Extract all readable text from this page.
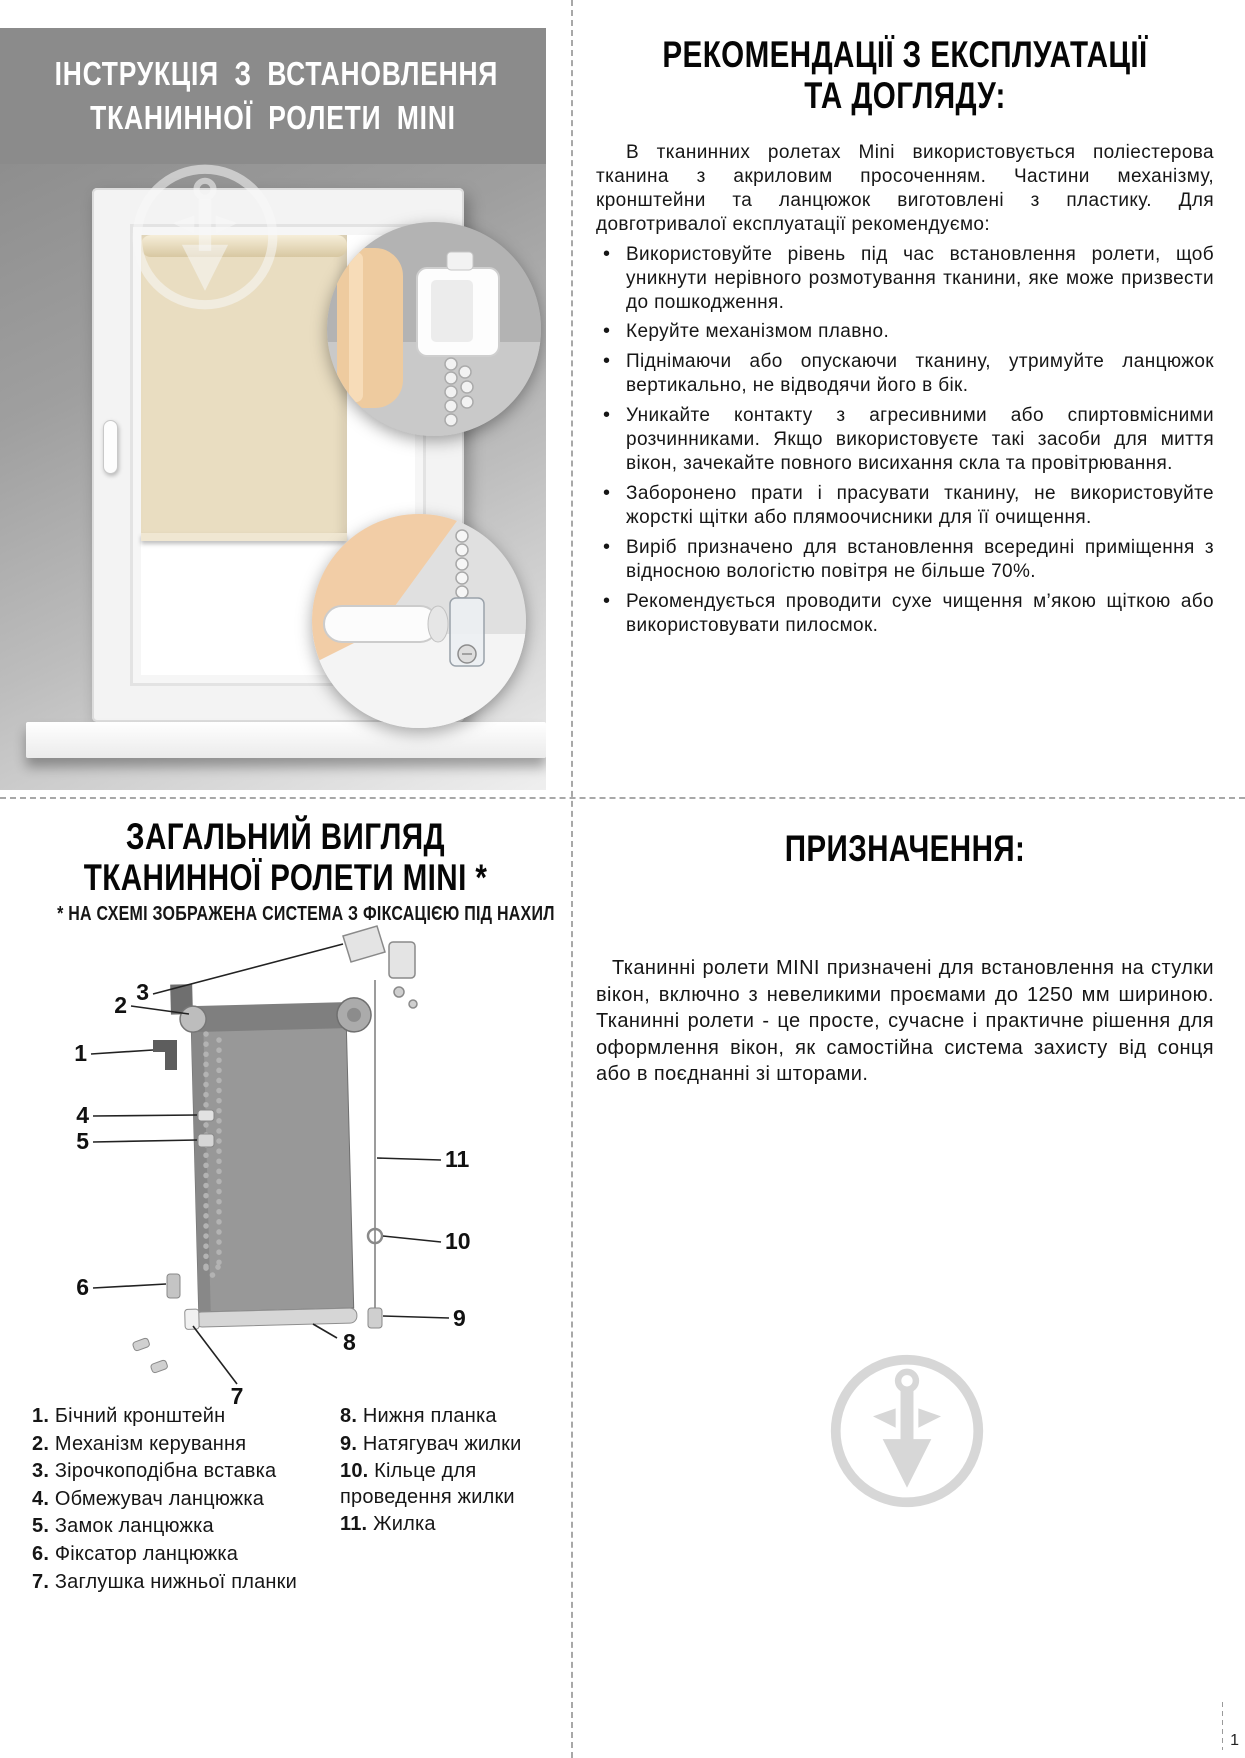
ІНСТРУКЦІЯ З ВСТАНОВЛЕННЯ
ТКАНИННОЇ РОЛЕТИ MINI
РЕКОМЕНДАЦІЇ З ЕКСПЛУАТАЦІЇ
ТА ДОГЛЯДУ:

В тканинних ролетах Mini використовується поліестерова тканина з акриловим просоченням. Частини механізму, кронштейни та ланцюжок виготовлені з пластику. Для довготривалої експлуатації рекомендуємо:

• Використовуйте рівень під час встановлення ролети, щоб уникнути нерівного розмотування тканини, яке може призвести до пошкодження.
• Керуйте механізмом плавно.
• Піднімаючи або опускаючи тканину, утримуйте ланцюжок вертикально, не відводячи його в бік.
• Уникайте контакту з агресивними або спиртовмісними розчинниками. Якщо використовуєте такі засоби для миття вікон, зачекайте повного висихання скла та провітрювання.
• Заборонено прати і прасувати тканину, не використовуйте жорсткі щітки або плямоочисники для її очищення.
• Виріб призначено для встановлення всередині приміщення з відносною вологістю повітря не більше 70%.
• Рекомендується проводити сухе чищення м’якою щіткою або використовувати пилосмок.
ЗАГАЛЬНИЙ ВИГЛЯД
ТКАНИННОЇ РОЛЕТИ MINI *
* НА СХЕМІ ЗОБРАЖЕНА СИСТЕМА З ФІКСАЦІЄЮ ПІД НАХИЛ
1
2 3
4
5
6
7
8
9
10
11
1. Бічний кронштейн
2. Механізм керування
3. Зірочкоподібна вставка
4. Обмежувач ланцюжка
5. Замок ланцюжка
6. Фіксатор ланцюжка
7. Заглушка нижньої планки
8. Нижня планка
9. Натягувач жилки
10. Кільце для проведення жилки
11. Жилка
ПРИЗНАЧЕННЯ:

Тканинні ролети MINI призначені для встановлення на стулки вікон, включно з невеликими проємами до 1250 мм шириною. Тканинні ролети - це просте, сучасне і практичне рішення для оформлення вікон, як самостійна система захисту від сонця або в поєднанні зі шторами.

1
